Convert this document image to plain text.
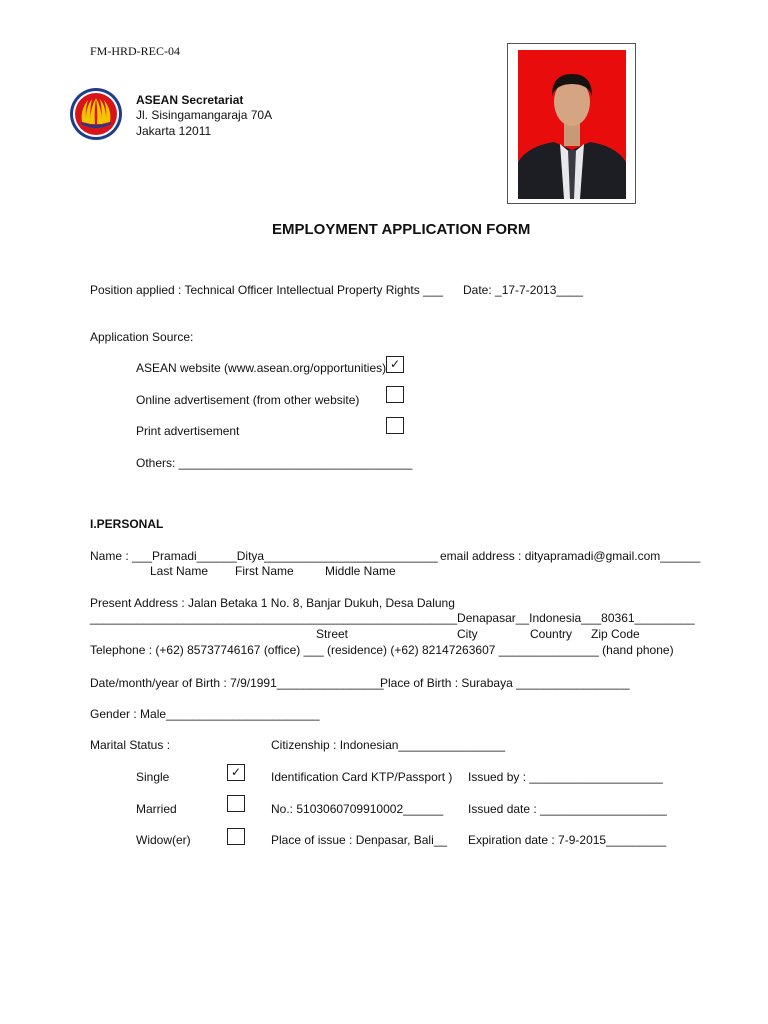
FM-HRD-REC-04
ASEAN Secretariat
Jl. Sisingamangaraja 70A
Jakarta 12011
EMPLOYMENT APPLICATION FORM
Position applied : Technical Officer Intellectual Property Rights ___ Date: _17-7-2013____
Application Source:
ASEAN website (www.asean.org/opportunities) ✓
Online advertisement (from other website)
Print advertisement
Others: ___________________________________
I.PERSONAL
Name : ___Pramadi______Ditya__________________________ email address : dityapramadi@gmail.com______
Last Name First Name	Middle Name
Present Address : Jalan Betaka 1 No. 8, Banjar Dukuh, Desa Dalung
_______________________________________________________Denapasar__Indonesia___80361_________
Street	City	Country Zip Code
Telephone : (+62) 85737746167 (office) ___ (residence) (+62) 82147263607 _______________ (hand phone)
Date/month/year of Birth : 7/9/1991________________
Place of Birth : Surabaya _________________
Gender : Male_______________________
Marital Status :	Citizenship : Indonesian________________
Single	✓ Identification Card KTP/Passport ) Issued by : ____________________
Married	No.: 5103060709910002______ Issued date : ___________________
Widow(er)	Place of issue : Denpasar, Bali__ Expiration date : 7-9-2015_________
